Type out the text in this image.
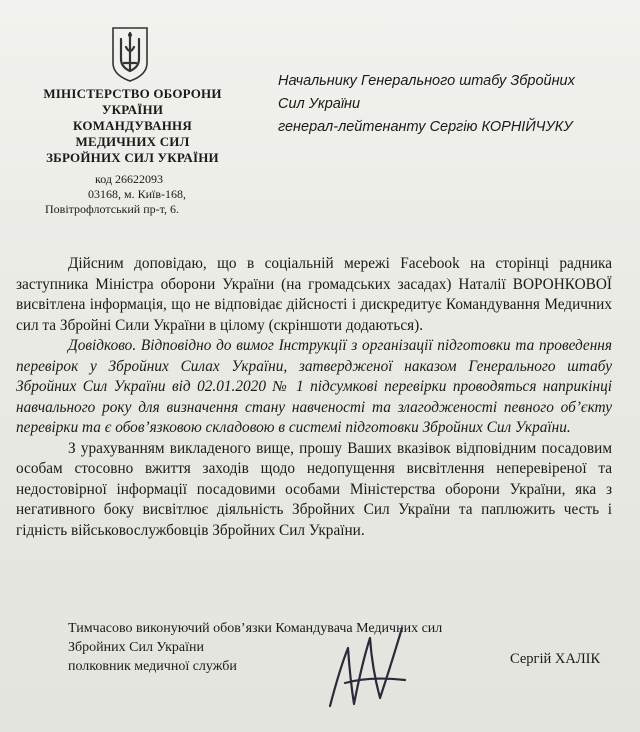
МІНІСТЕРСТВО ОБОРОНИ
УКРАЇНИ
КОМАНДУВАННЯ
МЕДИЧНИХ СИЛ
ЗБРОЙНИХ СИЛ УКРАЇНИ
код 26622093
03168, м. Київ-168,
Повітрофлотський пр-т, 6.
Начальнику Генерального штабу Збройних
Сил України
генерал-лейтенанту Сергію КОРНІЙЧУКУ

Дійсним доповідаю, що в соціальній мережі Facebook на сторінці радника заступника Міністра оборони України (на громадських засадах) Наталії ВОРОНКОВОЇ висвітлена інформація, що не відповідає дійсності і дискредитує Командування Медичних сил та Збройні Сили України в цілому (скріншоти додаються).

Довідково. Відповідно до вимог Інструкції з організації підготовки та проведення перевірок у Збройних Силах України, затвердженої наказом Генерального штабу Збройних Сил України від 02.01.2020 № 1 підсумкові перевірки проводяться наприкінці навчального року для визначення стану навченості та злагодженості певного об’єкту перевірки та є обов’язковою складовою в системі підготовки Збройних Сил України.

З урахуванням викладеного вище, прошу Ваших вказівок відповідним посадовим особам стосовно вжиття заходів щодо недопущення висвітлення неперевіреної та недостовірної інформації посадовими особами Міністерства оборони України, яка з негативного боку висвітлює діяльність Збройних Сил України та паплюжить честь і гідність військовослужбовців Збройних Сил України.

Тимчасово виконуючий обов’язки Командувача Медичних сил
Збройних Сил України
полковник медичної служби	Сергій ХАЛІК
